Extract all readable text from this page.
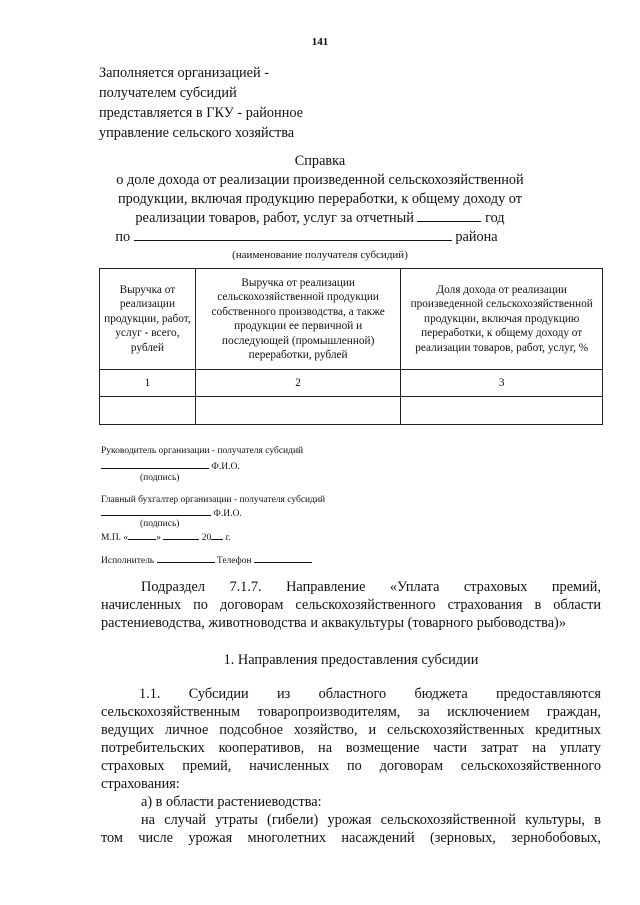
141
Заполняется организацией -
получателем субсидий
представляется в ГКУ - районное
управление сельского хозяйства
Справка
о доле дохода от реализации произведенной сельскохозяйственной
продукции, включая продукцию переработки, к общему доходу от
реализации товаров, работ, услуг за отчетный	год
по	района
(наименование получателя субсидий)
Выручка от реализации продукции, работ, услуг - всего, рублей	Выручка от реализации сельскохозяйственной продукции собственного производства, а также продукции ее первичной и последующей (промышленной) переработки, рублей	Доля дохода от реализации произведенной сельскохозяйственной продукции, включая продукцию переработки, к общему доходу от реализации товаров, работ, услуг, %
1	2	3

Руководитель организации - получателя субсидий
Ф.И.О.
(подпись)
Главный бухгалтер организации - получателя субсидий
Ф.И.О.
(подпись)
М.П. «	»	20 г.
Исполнитель	Телефон
Подраздел 7.1.7. Направление «Уплата страховых премий,
начисленных по договорам сельскохозяйственного страхования в области
растениеводства, животноводства и аквакультуры (товарного рыбоводства)»
1. Направления предоставления субсидии
1.1. Субсидии из областного бюджета предоставляются
сельскохозяйственным товаропроизводителям, за исключением граждан,
ведущих личное подсобное хозяйство, и сельскохозяйственных кредитных
потребительских кооперативов, на возмещение части затрат на уплату
страховых премий, начисленных по договорам сельскохозяйственного
страхования:
а) в области растениеводства:
на случай утраты (гибели) урожая сельскохозяйственной культуры, в
том числе урожая многолетних насаждений (зерновых, зернобобовых,
